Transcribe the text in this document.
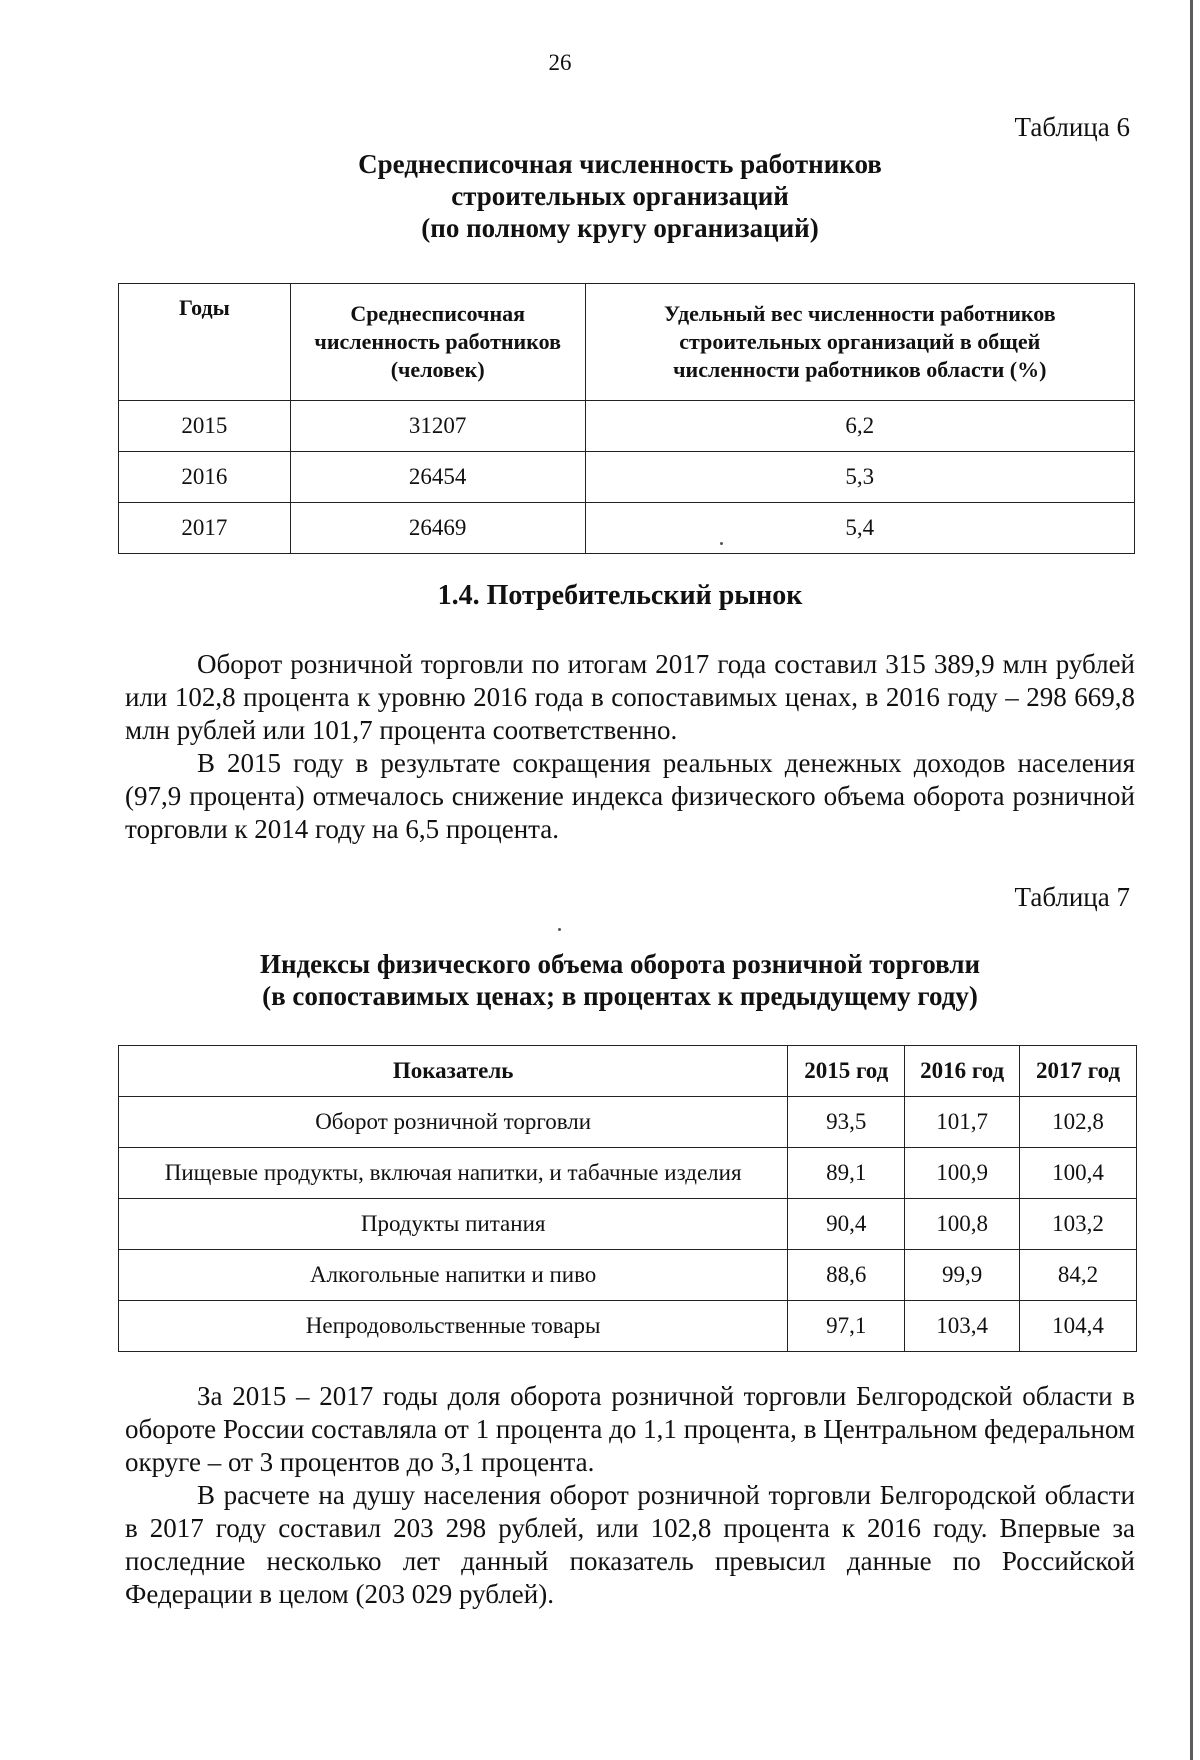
26
Таблица 6
Среднесписочная численность работников
строительных организаций
(по полному кругу организаций)
Годы	Среднесписочная численность работников (человек)	Удельный вес численности работников строительных организаций в общей численности работников области (%)
2015	31207	6,2
2016	26454	5,3
2017	26469	5,4
1.4. Потребительский рынок

Оборот розничной торговли по итогам 2017 года составил 315 389,9 млн рублей или 102,8 процента к уровню 2016 года в сопоставимых ценах, в 2016 году – 298 669,8 млн рублей или 101,7 процента соответственно.

В 2015 году в результате сокращения реальных денежных доходов населения (97,9 процента) отмечалось снижение индекса физического объема оборота розничной торговли к 2014 году на 6,5 процента.

Таблица 7
Индексы физического объема оборота розничной торговли
(в сопоставимых ценах; в процентах к предыдущему году)
Показатель	2015 год	2016 год	2017 год
Оборот розничной торговли	93,5	101,7	102,8
Пищевые продукты, включая напитки, и табачные изделия	89,1	100,9	100,4
Продукты питания	90,4	100,8	103,2
Алкогольные напитки и пиво	88,6	99,9	84,2
Непродовольственные товары	97,1	103,4	104,4

За 2015 – 2017 годы доля оборота розничной торговли Белгородской области в обороте России составляла от 1 процента до 1,1 процента, в Центральном федеральном округе – от 3 процентов до 3,1 процента.

В расчете на душу населения оборот розничной торговли Белгородской области в 2017 году составил 203 298 рублей, или 102,8 процента к 2016 году. Впервые за последние несколько лет данный показатель превысил данные по Российской Федерации в целом (203 029 рублей).
